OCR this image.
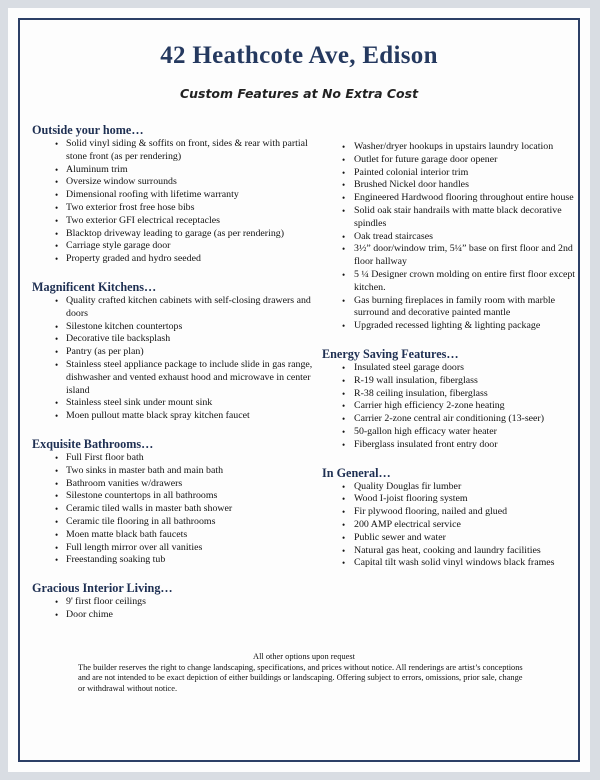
42 Heathcote Ave, Edison
Custom Features at No Extra Cost
Outside your home…
• Solid vinyl siding & soffits on front, sides & rear with partial stone front (as per rendering)
• Aluminum trim
• Oversize window surrounds
• Dimensional roofing with lifetime warranty
• Two exterior frost free hose bibs
• Two exterior GFI electrical receptacles
• Blacktop driveway leading to garage (as per rendering)
• Carriage style garage door
• Property graded and hydro seeded
Magnificent Kitchens…
• Quality crafted kitchen cabinets with self-closing drawers and doors
• Silestone kitchen countertops
• Decorative tile backsplash
• Pantry (as per plan)
• Stainless steel appliance package to include slide in gas range, dishwasher and vented exhaust hood and microwave in center island
• Stainless steel sink under mount sink
• Moen pullout matte black spray kitchen faucet
Exquisite Bathrooms…
• Full First floor bath
• Two sinks in master bath and main bath
• Bathroom vanities w/drawers
• Silestone countertops in all bathrooms
• Ceramic tiled walls in master bath shower
• Ceramic tile flooring in all bathrooms
• Moen matte black bath faucets
• Full length mirror over all vanities
• Freestanding soaking tub
Gracious Interior Living…
• 9' first floor ceilings
• Door chime
• Washer/dryer hookups in upstairs laundry location
• Outlet for future garage door opener
• Painted colonial interior trim
• Brushed Nickel door handles
• Engineered Hardwood flooring throughout entire house
• Solid oak stair handrails with matte black decorative spindles
• Oak tread staircases
• 3½” door/window trim, 5¼” base on first floor and 2nd floor hallway
• 5 ¼ Designer crown molding on entire first floor except kitchen.
• Gas burning fireplaces in family room with marble surround and decorative painted mantle
• Upgraded recessed lighting & lighting package
Energy Saving Features…
• Insulated steel garage doors
• R-19 wall insulation, fiberglass
• R-38 ceiling insulation, fiberglass
• Carrier high efficiency 2-zone heating
• Carrier 2-zone central air conditioning (13-seer)
• 50-gallon high efficacy water heater
• Fiberglass insulated front entry door
In General…
• Quality Douglas fir lumber
• Wood I-joist flooring system
• Fir plywood flooring, nailed and glued
• 200 AMP electrical service
• Public sewer and water
• Natural gas heat, cooking and laundry facilities
• Capital tilt wash solid vinyl windows black frames

All other options upon request

The builder reserves the right to change landscaping, specifications, and prices without notice. All renderings are artist’s conceptions and are not intended to be exact depiction of either buildings or landscaping. Offering subject to errors, omissions, prior sale, change or withdrawal without notice.
